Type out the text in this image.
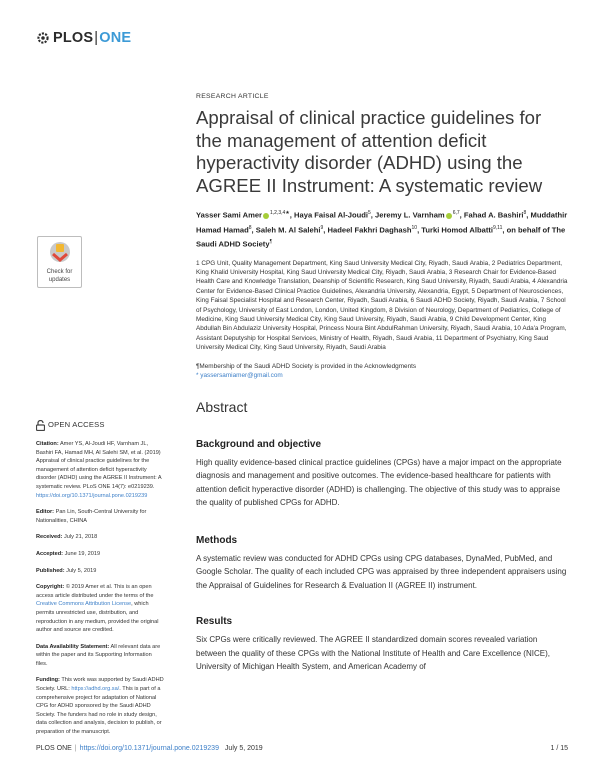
PLOS | ONE
Check for
updates
RESEARCH ARTICLE
Appraisal of clinical practice guidelines for the management of attention deficit hyperactivity disorder (ADHD) using the AGREE II Instrument: A systematic review
Yasser Sami Amer $^{1,2,3,4★}$, Haya Faisal Al-Joudi$^5$, Jeremy L. Varnham $^{6,7}$, Fahad A. Bashiri$^8$, Muddathir Hamad Hamad$^8$, Saleh M. Al Salehi$^9$, Hadeel Fakhri Daghash$^{10}$, Turki Homod Albatti$^{9,11}$, on behalf of The Saudi ADHD Society¶
1 CPG Unit, Quality Management Department, King Saud University Medical City, Riyadh, Saudi Arabia, 2 Pediatrics Department, King Khalid University Hospital, King Saud University Medical City, Riyadh, Saudi Arabia, 3 Research Chair for Evidence-Based Health Care and Knowledge Translation, Deanship of Scientific Research, King Saud University, Riyadh, Saudi Arabia, 4 Alexandria Center for Evidence-Based Clinical Practice Guidelines, Alexandria University, Alexandria, Egypt, 5 Department of Neurosciences, King Faisal Specialist Hospital and Research Center, Riyadh, Saudi Arabia, 6 Saudi ADHD Society, Riyadh, Saudi Arabia, 7 School of Psychology, University of East London, London, United Kingdom, 8 Division of Neurology, Department of Pediatrics, College of Medicine, King Saud University Medical City, King Saud University, Riyadh, Saudi Arabia, 9 Child Development Center, King Abdullah Bin Abdulaziz University Hospital, Princess Noura Bint AbdulRahman University, Riyadh, Saudi Arabia, 10 Ada'a Program, Assistant Deputyship for Hospital Services, Ministry of Health, Riyadh, Saudi Arabia, 11 Department of Psychiatry, King Saud University Medical City, King Saud University, Riyadh, Saudi Arabia
¶Membership of the Saudi ADHD Society is provided in the Acknowledgments
* yassersamiamer@gmail.com
Abstract
Background and objective

High quality evidence-based clinical practice guidelines (CPGs) have a major impact on the appropriate diagnosis and management and positive outcomes. The evidence-based healthcare for patients with attention deficit hyperactive disorder (ADHD) is challenging. The objective of this study was to appraise the quality of published CPGs for ADHD.

Methods

A systematic review was conducted for ADHD CPGs using CPG databases, DynaMed, PubMed, and Google Scholar. The quality of each included CPG was appraised by three independent appraisers using the Appraisal of Guidelines for Research & Evaluation II (AGREE II) instrument.

Results

Six CPGs were critically reviewed. The AGREE II standardized domain scores revealed variation between the quality of these CPGs with the National Institute of Health and Care Excellence (NICE), University of Michigan Health System, and American Academy of

OPEN ACCESS
Citation: Amer YS, Al-Joudi HF, Varnham JL, Bashiri FA, Hamad MH, Al Salehi SM, et al. (2019) Appraisal of clinical practice guidelines for the management of attention deficit hyperactivity disorder (ADHD) using the AGREE II Instrument: A systematic review. PLoS ONE 14(7): e0219239. https://doi.org/10.1371/journal.pone.0219239
Editor: Pan Lin, South-Central University for Nationalities, CHINA
Received: July 21, 2018
Accepted: June 19, 2019
Published: July 5, 2019
Copyright: © 2019 Amer et al. This is an open access article distributed under the terms of the Creative Commons Attribution License, which permits unrestricted use, distribution, and reproduction in any medium, provided the original author and source are credited.
Data Availability Statement: All relevant data are within the paper and its Supporting Information files.
Funding: This work was supported by Saudi ADHD Society. URL: https://adhd.org.sa/. This is part of a comprehensive project for adaptation of National CPG for ADHD sponsored by the Saudi ADHD Society. The funders had no role in study design, data collection and analysis, decision to publish, or preparation of the manuscript.
PLOS ONE | https://doi.org/10.1371/journal.pone.0219239 July 5, 2019	1 / 15
